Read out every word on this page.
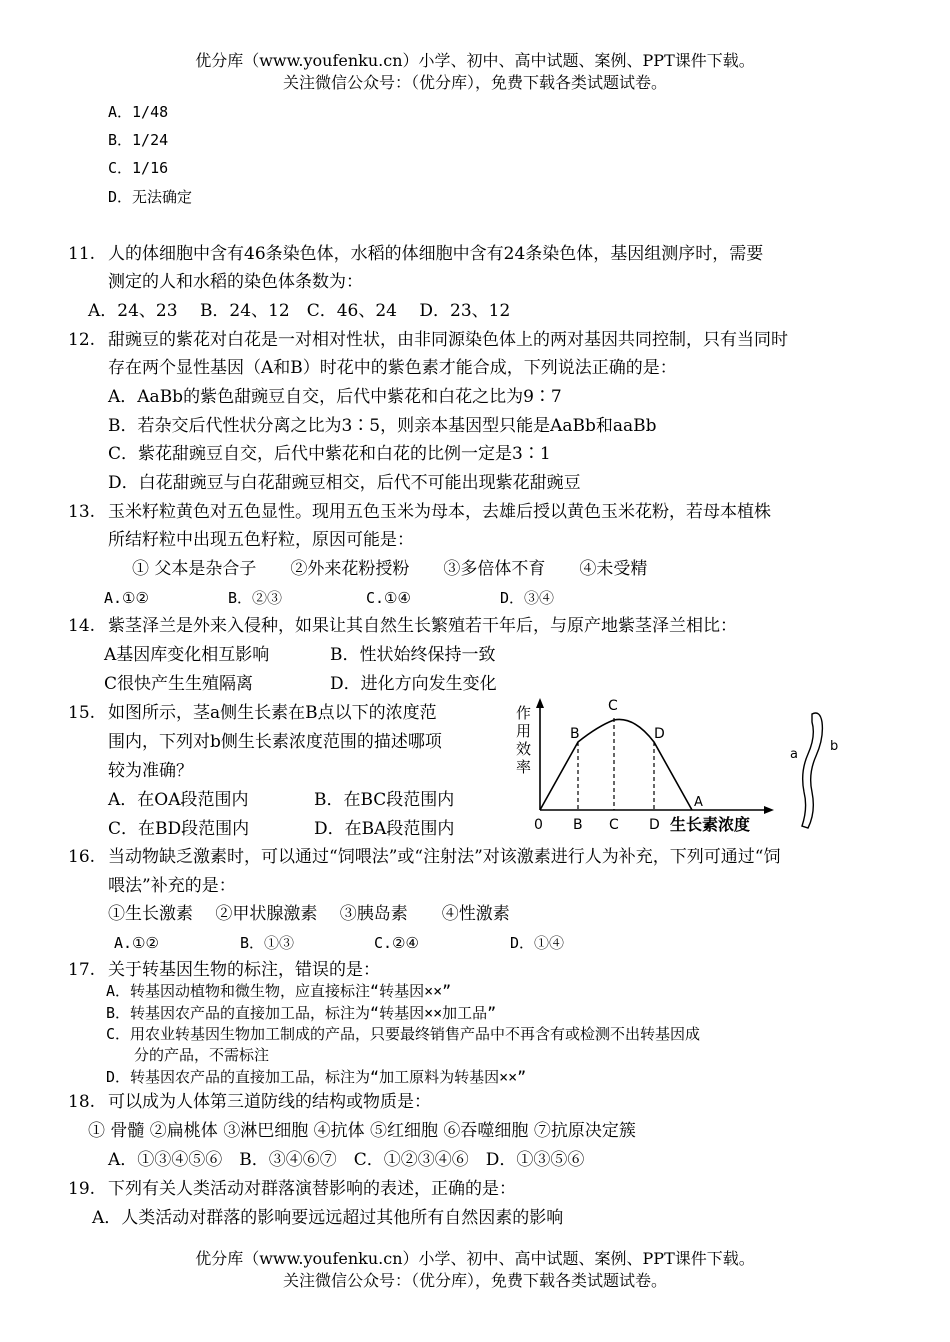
优分库（www.youfenku.cn）小学、初中、高中试题、案例、PPT课件下载。
关注微信公众号：（优分库），免费下载各类试题试卷。
A．1/48
B．1/24
C．1/16
D．无法确定
11. 人的体细胞中含有46条染色体，水稻的体细胞中含有24条染色体，基因组测序时，需要
测定的人和水稻的染色体条数为：
A．24、23　 B．24、12　C．46、24　 D．23、12
12. 甜豌豆的紫花对白花是一对相对性状，由非同源染色体上的两对基因共同控制，只有当同时
存在两个显性基因（A和B）时花中的紫色素才能合成，下列说法正确的是：
A．AaBb的紫色甜豌豆自交，后代中紫花和白花之比为9∶7
B．若杂交后代性状分离之比为3∶5，则亲本基因型只能是AaBb和aaBb
C．紫花甜豌豆自交，后代中紫花和白花的比例一定是3∶1
D．白花甜豌豆与白花甜豌豆相交，后代不可能出现紫花甜豌豆
13. 玉米籽粒黄色对五色显性。现用五色玉米为母本，去雄后授以黄色玉米花粉，若母本植株
所结籽粒中出现五色籽粒，原因可能是：
① 父本是杂合子　　②外来花粉授粉　　③多倍体不育　　④未受精
A.①②	B．②③	C.①④	D．③④
14. 紫茎泽兰是外来入侵种，如果让其自然生长繁殖若干年后，与原产地紫茎泽兰相比：
A基因库变化相互影响	B．性状始终保持一致
C很快产生生殖隔离	D．进化方向发生变化
15. 如图所示，茎a侧生长素在B点以下的浓度范
围内，下列对b侧生长素浓度范围的描述哪项
较为准确？
A．在OA段范围内	B．在BC段范围内
C．在BD段范围内	D．在BA段范围内
作
用
效
率
B
C
D
A
0 B C D 生长素浓度
a
b
16. 当动物缺乏激素时，可以通过“饲喂法”或“注射法”对该激素进行人为补充，下列可通过“饲
喂法”补充的是：
①生长激素　 ②甲状腺激素　 ③胰岛素　　④性激素
A.①②	B．①③	C.②④	D．①④
17. 关于转基因生物的标注，错误的是：
A．转基因动植物和微生物，应直接标注“转基因××”
B．转基因农产品的直接加工品，标注为“转基因××加工品”
C．用农业转基因生物加工制成的产品，只要最终销售产品中不再含有或检测不出转基因成
分的产品，不需标注
D．转基因农产品的直接加工品，标注为“加工原料为转基因××”
18. 可以成为人体第三道防线的结构或物质是：
① 骨髓 ②扁桃体 ③淋巴细胞 ④抗体 ⑤红细胞 ⑥吞噬细胞 ⑦抗原决定簇
A．①③④⑤⑥　B．③④⑥⑦　C．①②③④⑥　D．①③⑤⑥
19. 下列有关人类活动对群落演替影响的表述，正确的是：
A．人类活动对群落的影响要远远超过其他所有自然因素的影响
优分库（www.youfenku.cn）小学、初中、高中试题、案例、PPT课件下载。
关注微信公众号：（优分库），免费下载各类试题试卷。
